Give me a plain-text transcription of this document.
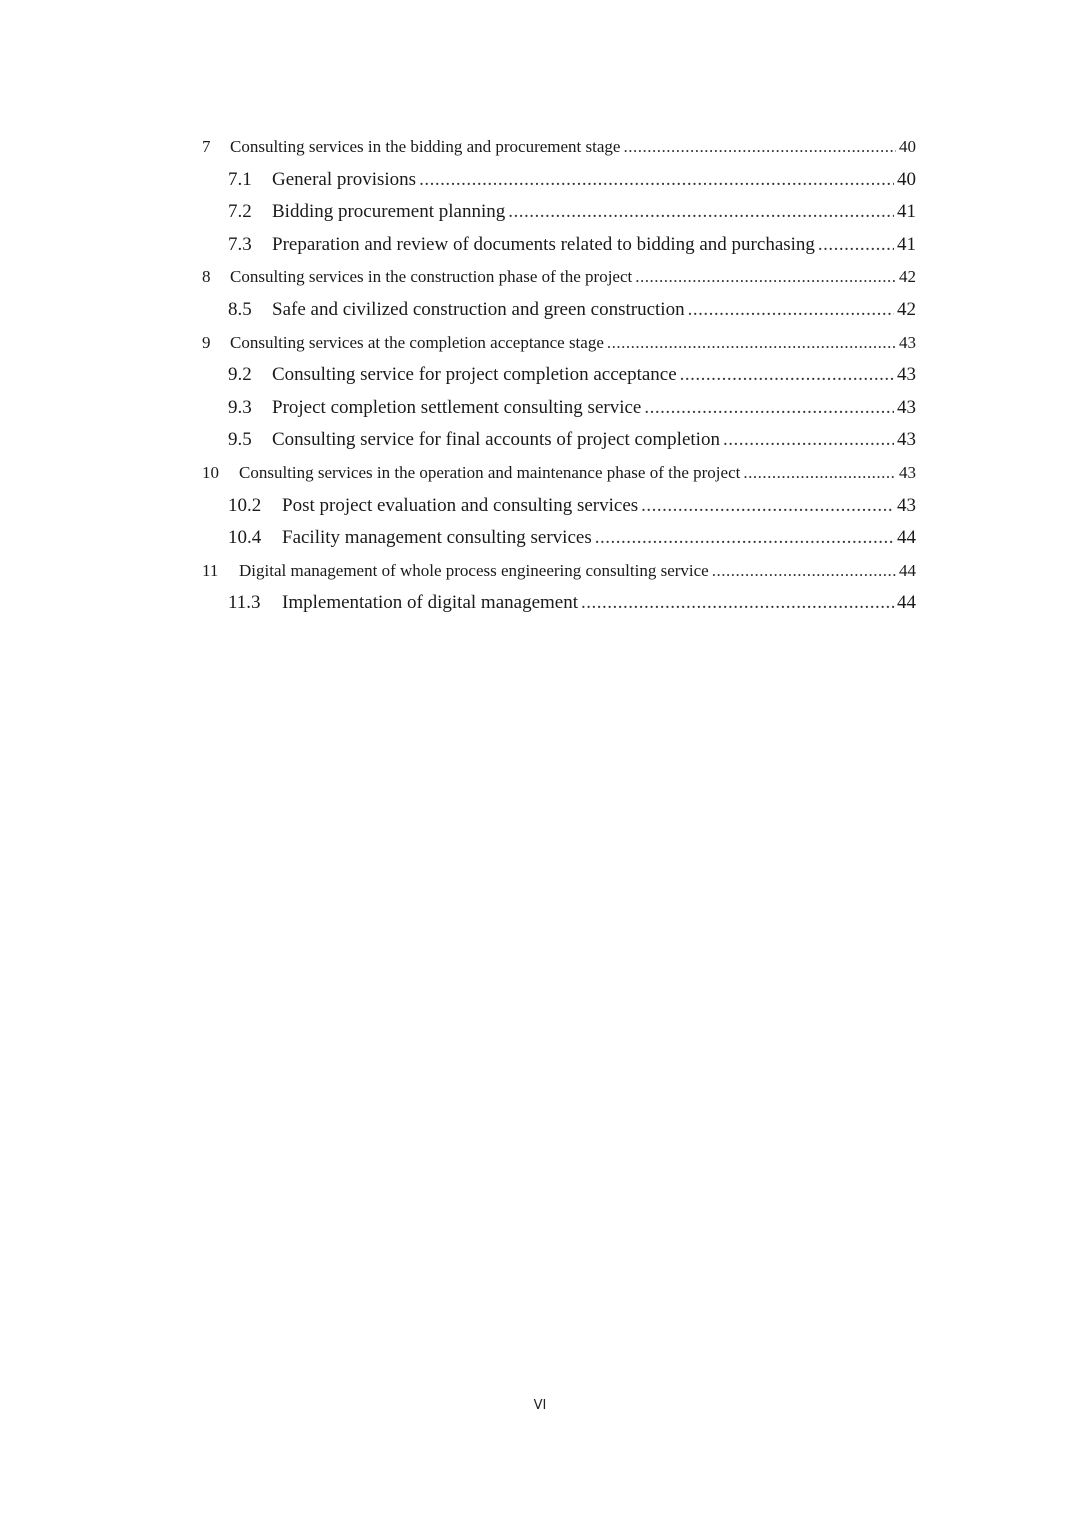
7	Consulting services in the bidding and procurement stage .....	40
7.1	General provisions .....	40
7.2	Bidding procurement planning .....	41
7.3	Preparation and review of documents related to bidding and purchasing .....	41
8	Consulting services in the construction phase of the project .....	42
8.5	Safe and civilized construction and green construction .....	42
9	Consulting services at the completion acceptance stage .....	43
9.2	Consulting service for project completion acceptance .....	43
9.3	Project completion settlement consulting service .....	43
9.5	Consulting service for final accounts of project completion .....	43
10	Consulting services in the operation and maintenance phase of the project .....	43
10.2	Post project evaluation and consulting services .....	43
10.4	Facility management consulting services .....	44
11	Digital management of whole process engineering consulting service .....	44
11.3	Implementation of digital management .....	44
VI
